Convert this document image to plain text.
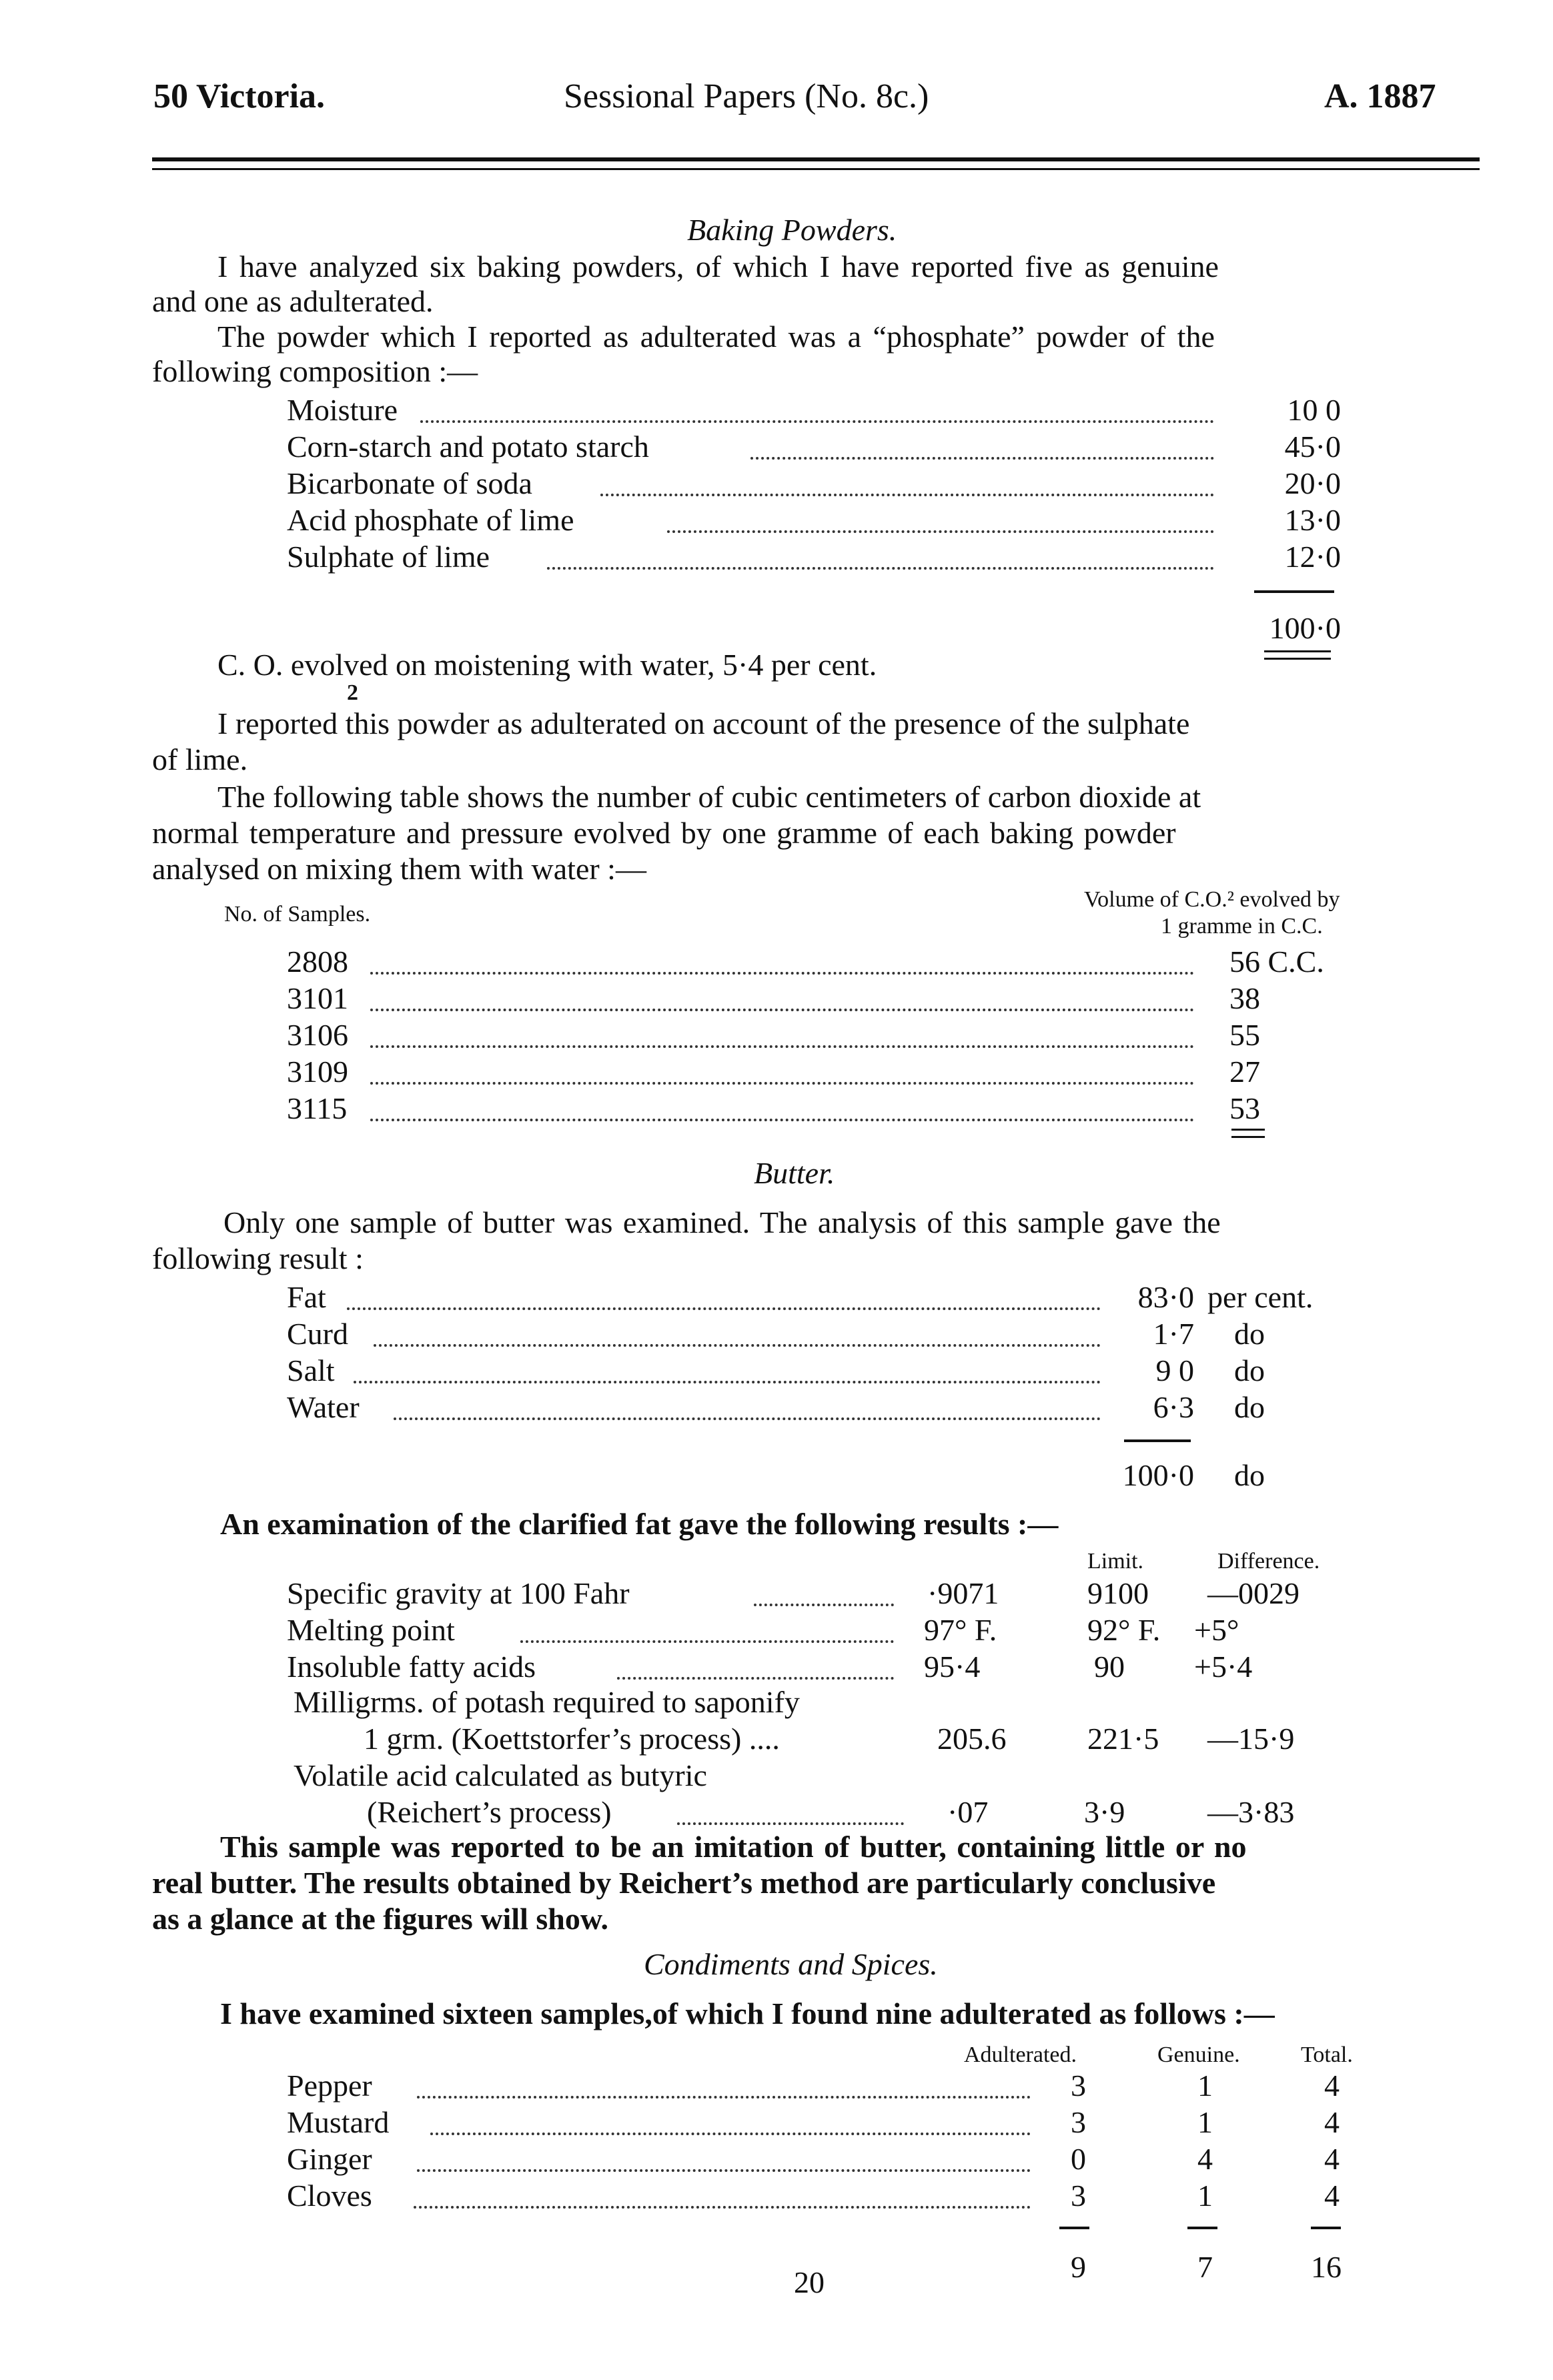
50 Victoria.	Sessional Papers (No. 8c.)	A. 1887
Baking Powders.
I have analyzed six baking powders, of which I have reported five as genuine
and one as adulterated.
The powder which I reported as adulterated was a “phosphate” powder of the
following composition :—
Moisture	10 0
Corn-starch and potato starch	45·0
Bicarbonate of soda	20·0
Acid phosphate of lime	13·0
Sulphate of lime	12·0
100·0
C. O. evolved on moistening with water, 5·4 per cent.
2
I reported this powder as adulterated on account of the presence of the sulphate
of lime.
The following table shows the number of cubic centimeters of carbon dioxide at
normal temperature and pressure evolved by one gramme of each baking powder
analysed on mixing them with water :—
No. of Samples.
Volume of C.O.² evolved by
1 gramme in C.C.
2808	56 C.C.
3101	38
3106	55
3109	27
3115	53
Butter.
Only one sample of butter was examined. The analysis of this sample gave the
following result :
Fat	83·0 per cent.
Curd	1·7 do
Salt	9 0 do
Water	6·3 do
100·0 do
An examination of the clarified fat gave the following results :—
Limit.	Difference.
Specific gravity at 100 Fahr	·9071	9100 —0029
Melting point	97° F.	92° F. +5°
Insoluble fatty acids	95·4	90 +5·4
Milligrms. of potash required to saponify
1 grm. (Koettstorfer’s process) ....	205.6	221·5 —15·9
Volatile acid calculated as butyric
(Reichert’s process)	·07	3·9	—3·83
This sample was reported to be an imitation of butter, containing little or no
real butter. The results obtained by Reichert’s method are particularly conclusive
as a glance at the figures will show.
Condiments and Spices.
I have examined sixteen samples,of which I found nine adulterated as follows :—
Adulterated.	Genuine.	Total.
Pepper	3	1	4
Mustard	3	1	4
Ginger	0	4	4
Cloves	3	1	4
9	7	16
20
